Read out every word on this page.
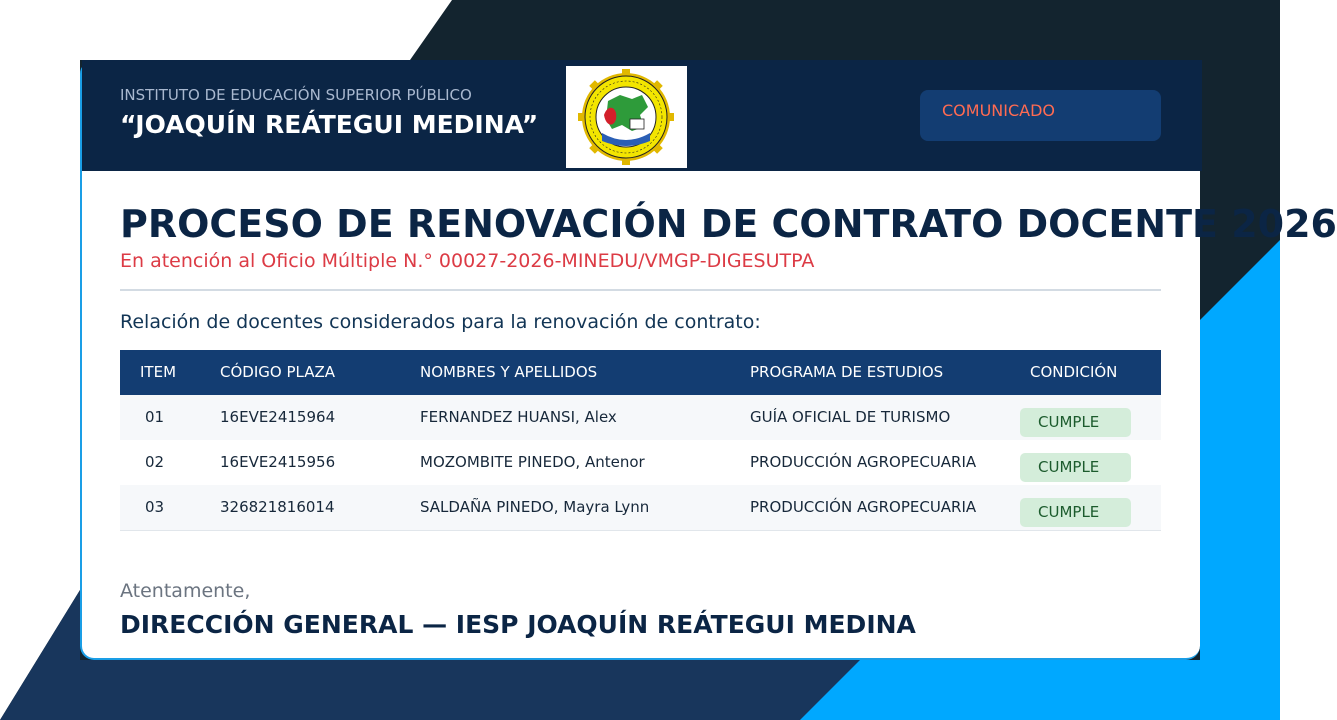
INSTITUTO DE EDUCACIÓN SUPERIOR PÚBLICO
“JOAQUÍN REÁTEGUI MEDINA”	COMUNICADO
PROCESO DE RENOVACIÓN DE CONTRATO DOCENTE 2026
En atención al Oficio Múltiple N.° 00027-2026-MINEDU/VMGP-DIGESUTPA
Relación de docentes considerados para la renovación de contrato:
ITEM	CÓDIGO PLAZA	NOMBRES Y APELLIDOS	PROGRAMA DE ESTUDIOS	CONDICIÓN
01	16EVE2415964	FERNANDEZ HUANSI, Alex	GUÍA OFICIAL DE TURISMO	CUMPLE
02	16EVE2415956	MOZOMBITE PINEDO, Antenor	PRODUCCIÓN AGROPECUARIA	CUMPLE
03	326821816014	SALDAÑA PINEDO, Mayra Lynn	PRODUCCIÓN AGROPECUARIA	CUMPLE
Atentamente,
DIRECCIÓN GENERAL — IESP JOAQUÍN REÁTEGUI MEDINA
